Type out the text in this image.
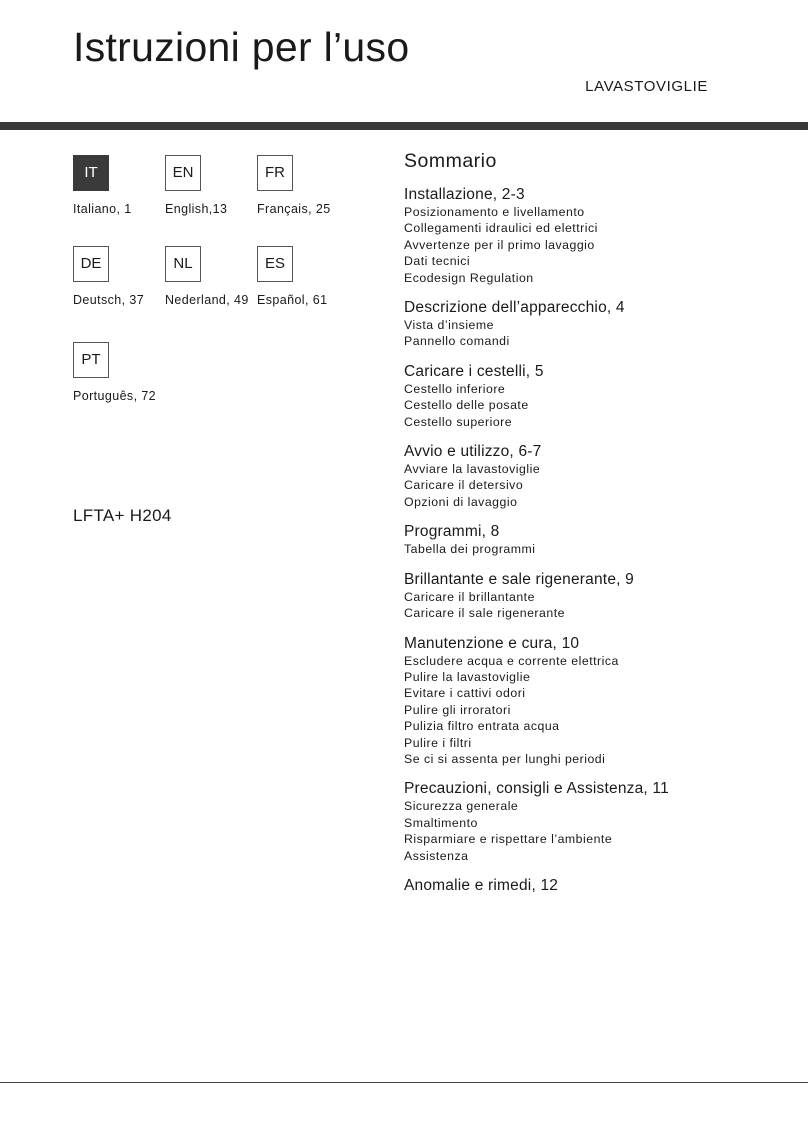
Istruzioni per l’uso
LAVASTOVIGLIE
IT
Italiano, 1
EN
English,13
FR
Français, 25
DE
Deutsch, 37
NL
Nederland, 49
ES
Español, 61
PT
Português, 72
LFTA+ H204
Sommario
Installazione, 2-3
Posizionamento e livellamento
Collegamenti idraulici ed elettrici
Avvertenze per il primo lavaggio
Dati tecnici
Ecodesign Regulation
Descrizione dell’apparecchio, 4
Vista d’insieme
Pannello comandi
Caricare i cestelli, 5
Cestello inferiore
Cestello delle posate
Cestello superiore
Avvio e utilizzo, 6-7
Avviare la lavastoviglie
Caricare il detersivo
Opzioni di lavaggio
Programmi, 8
Tabella dei programmi
Brillantante e sale rigenerante, 9
Caricare il brillantante
Caricare il sale rigenerante
Manutenzione e cura, 10
Escludere acqua e corrente elettrica
Pulire la lavastoviglie
Evitare i cattivi odori
Pulire gli irroratori
Pulizia filtro entrata acqua
Pulire i filtri
Se ci si assenta per lunghi periodi
Precauzioni, consigli e Assistenza, 11
Sicurezza generale
Smaltimento
Risparmiare e rispettare l’ambiente
Assistenza
Anomalie e rimedi, 12
